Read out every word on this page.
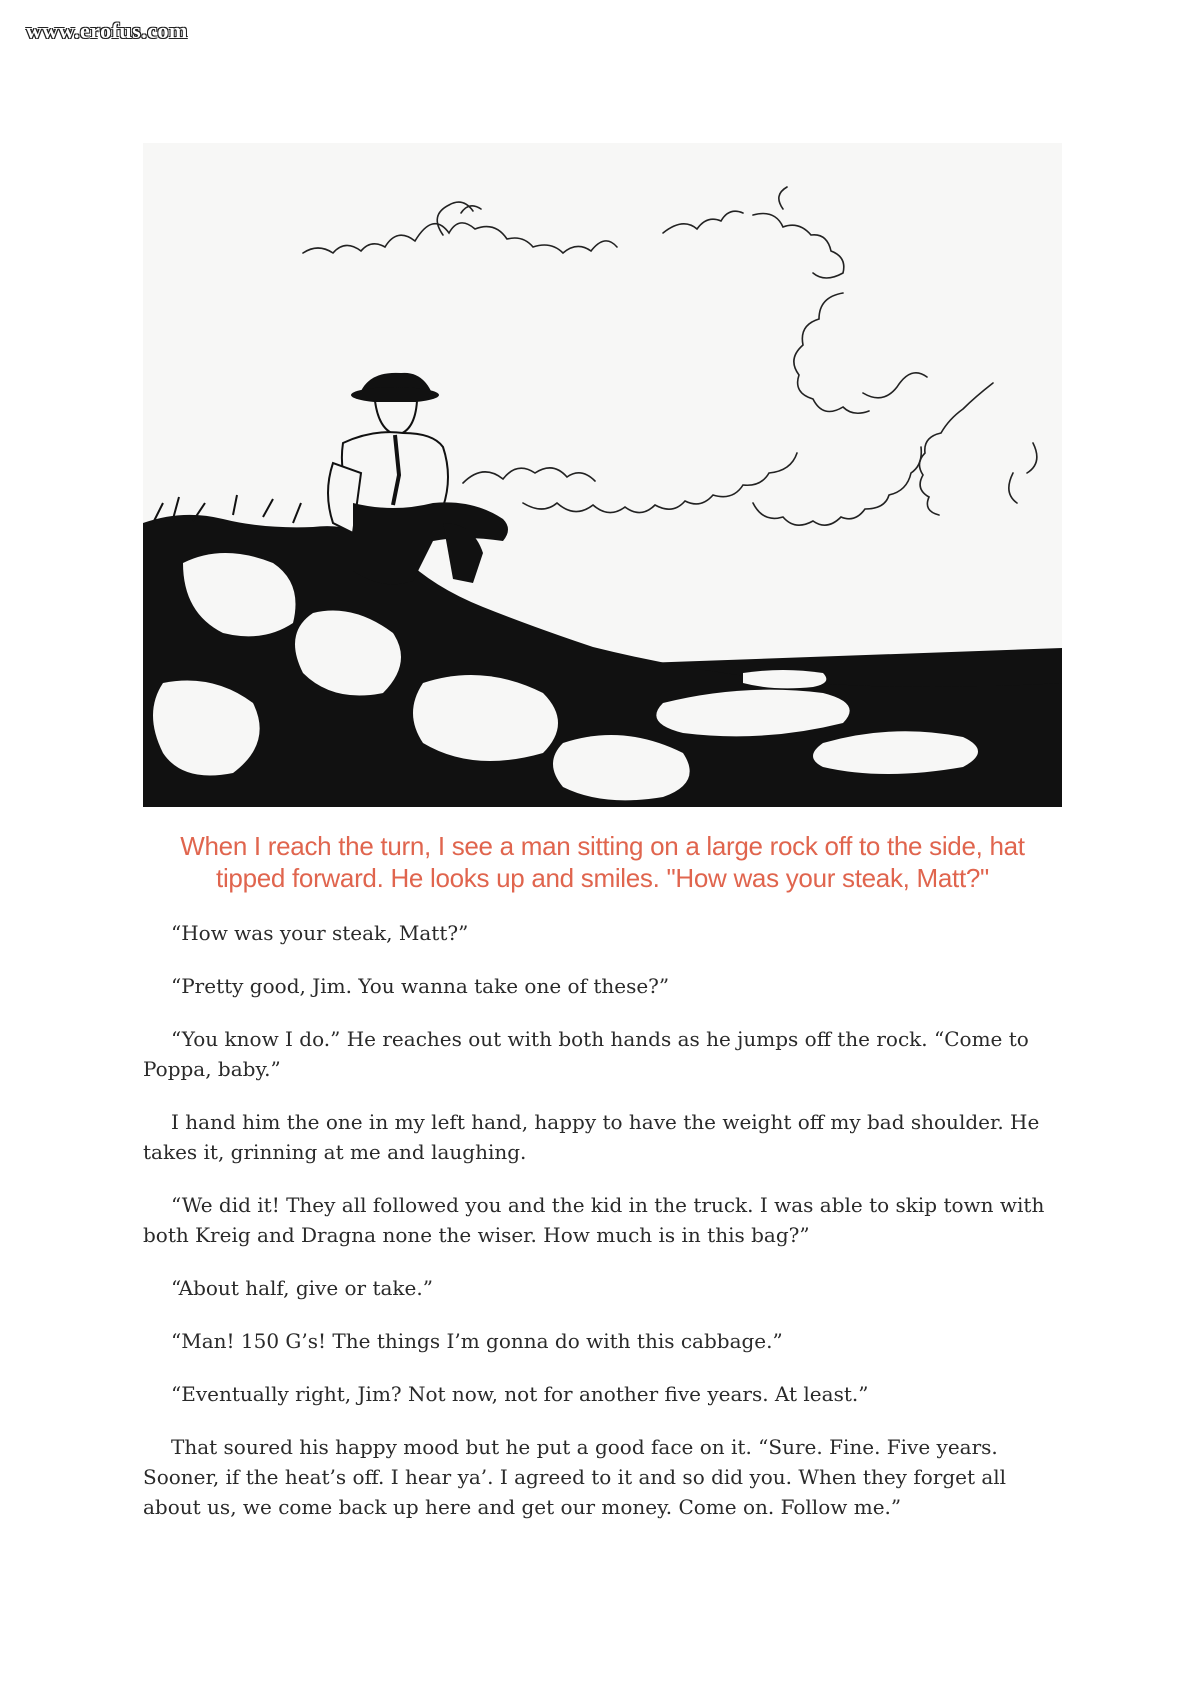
www.erofus.com
When I reach the turn, I see a man sitting on a large rock off to the side, hat tipped forward. He looks up and smiles. "How was your steak, Matt?"

“How was your steak, Matt?”

“Pretty good, Jim. You wanna take one of these?”

“You know I do.” He reaches out with both hands as he jumps off the rock. “Come to Poppa, baby.”

I hand him the one in my left hand, happy to have the weight off my bad shoulder. He takes it, grinning at me and laughing.

“We did it! They all followed you and the kid in the truck. I was able to skip town with both Kreig and Dragna none the wiser. How much is in this bag?”

“About half, give or take.”

“Man! 150 G’s! The things I’m gonna do with this cabbage.”

“Eventually right, Jim? Not now, not for another five years. At least.”

That soured his happy mood but he put a good face on it. “Sure. Fine. Five years. Sooner, if the heat’s off. I hear ya’. I agreed to it and so did you. When they forget all about us, we come back up here and get our money. Come on. Follow me.”
